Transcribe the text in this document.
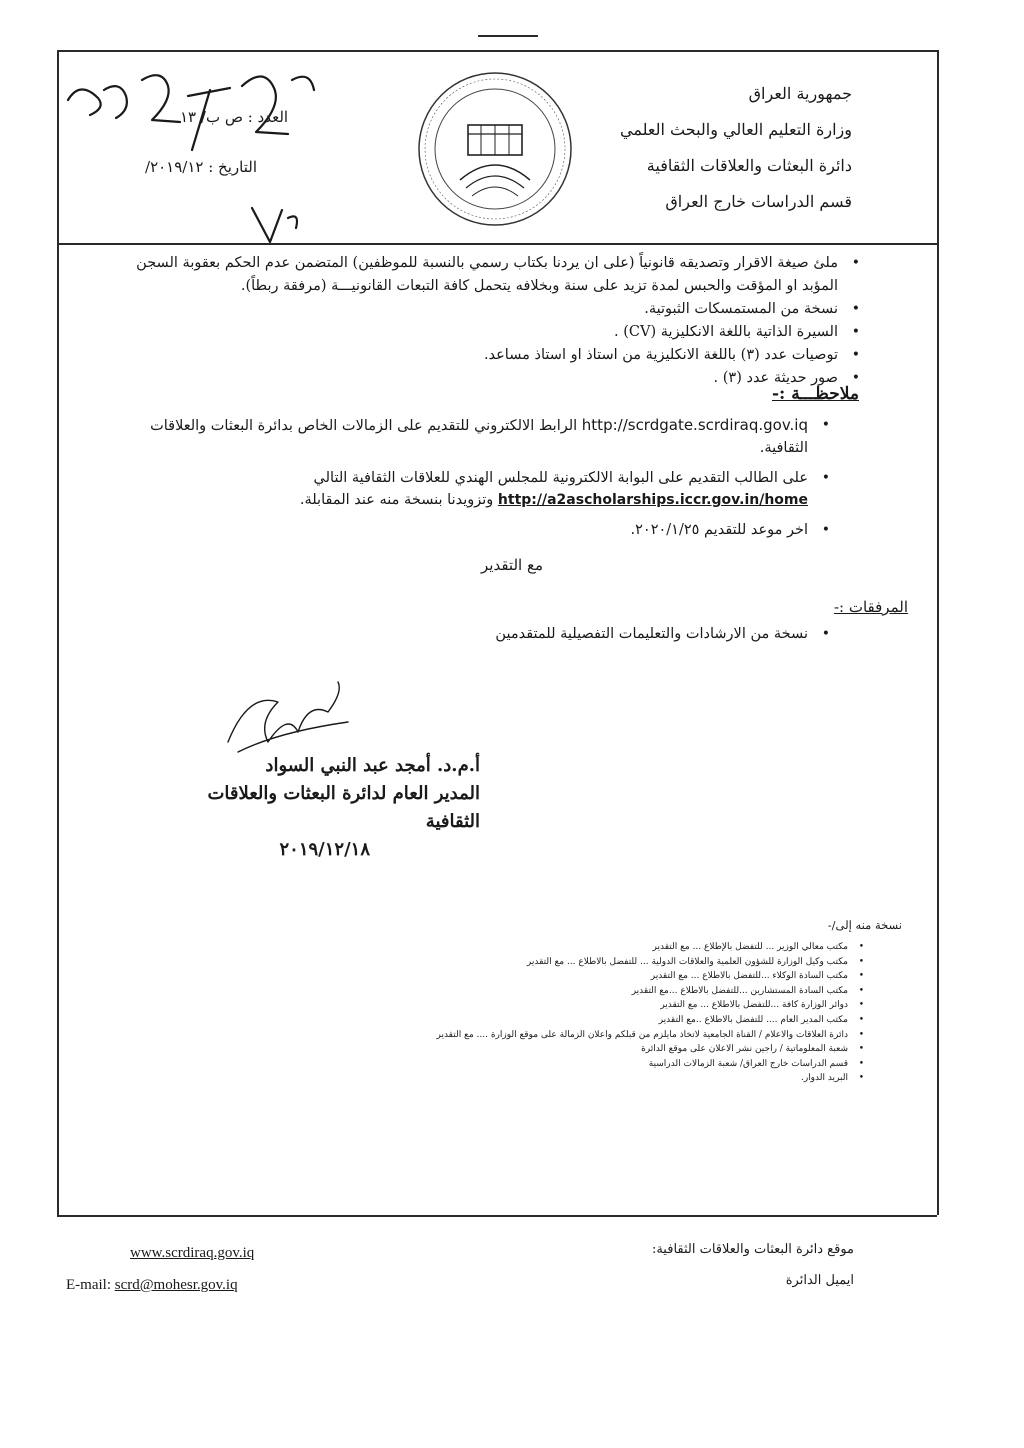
جمهورية العراق
وزارة التعليم العالي والبحث العلمي
دائرة البعثات والعلاقات الثقافية
قسم الدراسات خارج العراق
العدد : ص ب/ ١٣
التاريخ : ٢٠١٩/١٢/
• ملئ صيغة الاقرار وتصديقه قانونياً (على ان يردنا بكتاب رسمي بالنسبة للموظفين) المتضمن عدم الحكم بعقوبة السجن المؤبد او المؤقت والحبس لمدة تزيد على سنة وبخلافه يتحمل كافة التبعات القانونيـــة (مرفقة ربطاً).
• نسخة من المستمسكات الثبوتية.
• السيرة الذاتية باللغة الانكليزية (CV) .
• توصيات عدد (٣) باللغة الانكليزية من استاذ او استاذ مساعد.
• صور حديثة عدد (٣) .
ملاحظـــة :-
• http://scrdgate.scrdiraq.gov.iq الرابط الالكتروني للتقديم على الزمالات الخاص بدائرة البعثات والعلاقات الثقافية.
• على الطالب التقديم على البوابة الالكترونية للمجلس الهندي للعلاقات الثقافية التالي http://a2ascholarships.iccr.gov.in/home وتزويدنا بنسخة منه عند المقابلة.
• اخر موعد للتقديم ٢٠٢٠/١/٢٥.
مع التقدير
المرفقات :-
• نسخة من الارشادات والتعليمات التفصيلية للمتقدمين
أ.م.د. أمجد عبد النبي السواد
المدير العام لدائرة البعثات والعلاقات الثقافية
٢٠١٩/١٢/١٨
نسخة منه إلى/-
• مكتب معالي الوزير ... للتفضل بالإطلاع ... مع التقدير
• مكتب وكيل الوزارة للشؤون العلمية والعلاقات الدولية ... للتفضل بالاطلاع ... مع التقدير
• مكتب السادة الوكلاء ...للتفضل بالاطلاع ... مع التقدير
• مكتب السادة المستشارين ...للتفضل بالاطلاع ...مع التقدير
• دوائر الوزارة كافة ...للتفضل بالاطلاع ... مع التقدير
• مكتب المدير العام .... للتفضل بالاطلاع ..مع التقدير
• دائرة العلاقات والاعلام / القناة الجامعية لاتخاذ مايلزم من قبلكم واعلان الزمالة على موقع الوزارة .... مع التقدير
• شعبة المعلوماتية / راجين نشر الاعلان على موقع الدائرة
• قسم الدراسات خارج العراق/ شعبة الزمالات الدراسية
• البريد الدوار.
موقع دائرة البعثات والعلاقات الثقافية:
ايميل الدائرة
www.scrdiraq.gov.iq
E-mail: scrd@mohesr.gov.iq
